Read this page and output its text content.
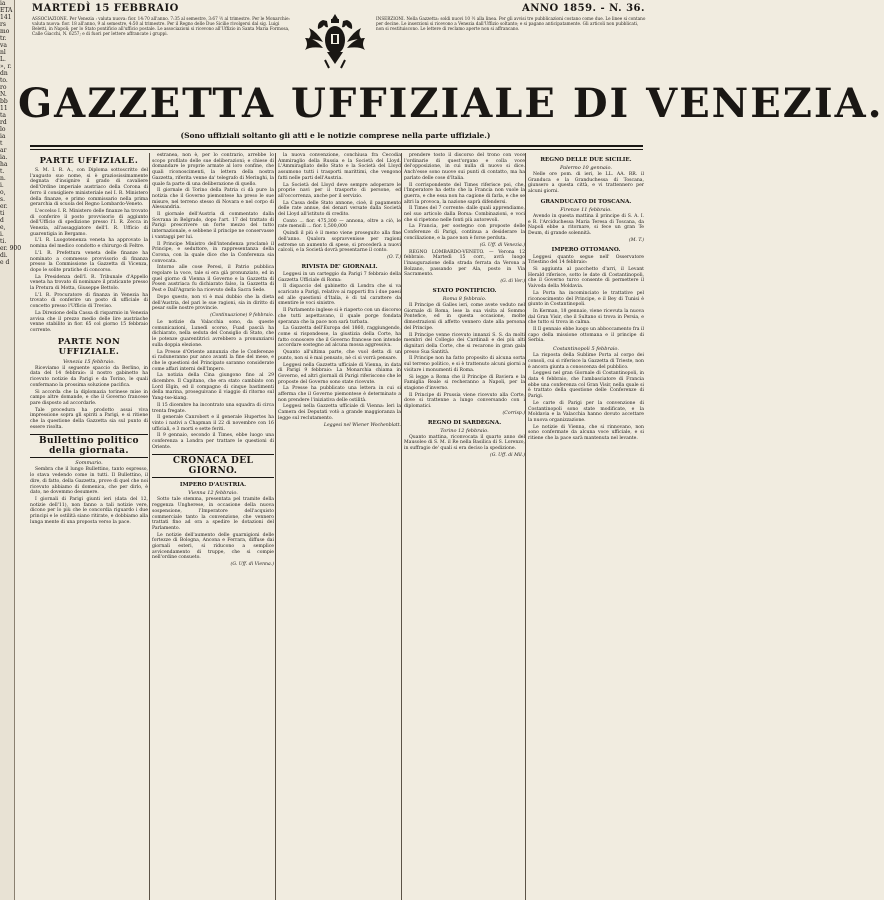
ia
ETA
141
rs
mo
tr.
va
nl
L.
», r.
dn
to.
ro
N.
bb
11
ta
rd
lo
ia
t
ar
ia.
ha
t.
n.
i.
o,
s.
er.
ti
d
e,
i.
ti.
er. 900
di.
e d
MARTEDÌ 15 FEBBRAIO	ANNO 1859. - N. 36.
ASSOCIAZIONE. Per Venezia : valuta nuova: fior. 14:70 all'anno. 7:35 al semestre, 3:67 ½ al trimestre. Per le Monarchie: valuta nuova: fior. 18 all'anno, 9 al semestre, 4:50 al trimestre. Per il Regno delle Due Sicilie rivolgersi dal sig. Luigi Beletti, in Napoli; per lo Stato pontificio all'ufficio postale. Le associazioni si ricevono all'Uffizio in Santa Maria Formosa, Calle Giacchi, N. 6257; e di fuori per lettere affrancate i gruppi.
INSERZIONI. Nella Gazzetta: soldi nuovi 10 ½ alla linea. Per gli avvisi tre pubblicazioni costano come due. Le linee si contano per decine. Le inserzioni si ricevono a Venezia dall'Uffizio soltanto; e si pagano anticipatamente. Gli articoli non pubblicati, non si restituiscono. Le lettere di reclamo aperte non si affrancano.
GAZZETTA UFFIZIALE DI VENEZIA.
(Sono uffiziali soltanto gli atti e le notizie comprese nella parte uffiziale.)
PARTE UFFIZIALE.

S. M. I. R. A., con Diploma sottoscritto del l'augusto suo nome, si è graziosissimamente degnata d'insignire il grado di cavaliere dell'Ordine imperiale austriaco della Corona di ferro il consigliere ministeriale nel I. R. Ministero della finanze, e primo commissario nella prima gerarchia di scuola del Regno Lombardo-Veneto.

L'eccelso I. R. Ministero delle finanze ha trovato di conferire il posto provvisorio di aggiunto dell'Ufficio di spedizione presso l'I. R. Zecca in Venezia, all'assaggiatore dell'I. R. Ufficio di guarentigia in Bergamo.

L'I. R. Luogotenenza veneta ha approvato la nomina del medico condotto e chirurgo di Feltre.

L'I. R. Prefettura veneta delle finanze ha nominato a commesso provvisorio di finanza presso la Commissione la Gazzetta di Vicenza, dopo le solite pratiche di concorso.

La Presidenza dell'I. R. Tribunale d'Appello veneta ha trovato di nominare il praticante presso la Pretura di Motta, Giuseppe Bettolo.

L'I. R. Procuratore di finanza in Venezia ha trovato di conferire un posto di ufficiale di concetto presso l'Ufficio di Treviso.

La Direzione della Cassa di risparmio in Venezia avvisa che il prezzo medio delle lire austriache venne stabilito in fior. 65 col giorno 15 febbraio corrente.

PARTE NON UFFIZIALE.
Venezia 15 febbraio.

Riceviamo il seguente spaccio da Berlino, in data del 14 febbraio: il nostro gabinetto ha ricevuto notizie da Parigi e da Torino, le quali confermano la prossima soluzione pacifica.

Si accorda che la diplomazia torinese mise in campo altre domande, e che il Governo francese pare disposto ad accordarle.

Tale procedura ha prodotto assai viva impressione sopra gli spiriti a Parigi, e si ritiene che la questione della Gazzetta sia sul punto di essere risolta.

Bullettino politico della giornata.
Sommario.

Sembra che il lungo Bullettino, tanto espresso, lo stava vedendo come in tutti. Il Bullettino, il dire, di fatto, della Gazzetta, prove di quel che noi ricevuto abbiamo di domenica, che per dirlo, è dato, ne dovemmo desumere.

I giornali di Parigi giunti ieri (data del 12, notizie dell'11), non fanno a tali notizie vere, dicono per lo più che le concordia riguardo i due principi e le ostilità siano ritirate, e dobbiamo alla lunga mente di una proposta verso la pace.

estranea, non è, per lo contrario, arrebbe lo scopo profilato delle sue deliberazioni; e chiese di domandare le proprie armate al loro confine, che quali riconoscimenti, la lettera della nostra Gazzetta, riferita venne da' telegrafo di Meringhi, la quale fa parte di una deliberazione di quello.

Il giornale di Torino della Patria ci dà pure la notizia che il Governo piemontese ha preso le sue misure, nel terreno stesso di Novara e nel corpo di Alessandria.

Il giornale dell'Austria di commentato dalla Sovrana in Belgrado, dopo l'art. 17 del trattato di Parigi prescrivere un forte mezzo del tutto internazionale, e sebbene il principe ne conservasse i vantaggi per lui.

Il Principe Ministro dell'intendenza proclamò il Principe, e seduttore, in rappresentanza della Corona, con la quale dice che la Conferenza sia convocata.

Intorno alle cose Peresi, il Patrio pubblica regolare la voce, tale si era già pronunziato, ed in quel giorno di Vienna il Governo e la Gazzetta di Posen austriaca fu dichiarato falso, la Gazzetta di Pest e Dall'Agrario ha ricevuto della Sacra Sede.

Dopo questo, non vi è mai dubbio che la dieta dell'Austria, del pari le sue ragioni, sia in diritto di pesar sulle nostre provincie.

(Continuazione) 9 febbraio.

Le notizie da Valacchia sono, da queste comunicazioni, Lunedì scorso, Fuad pascià ha dichiarato, nella seduta del Consiglio di Stato, che le potenze guarentitrici avrebbero a pronunziarsi sulla doppia elezione.

La Presse d'Oriente annunzia che le Conferenze si raduneranno pur anco avanti la fine del mese, e che le questioni del Principato saranno considerate come affari interni dell'Impero.

La notizia della Cina giungono fino al 29 dicembre. Il Capitano, che era stato cambiato con Lord Elgin, ed il compagno di cinque bastimenti della marina, proseguivano il viaggio di ritorno sul Yang-tse-kiang.

Il 15 dicembre ha incontrato una squadra di circa trenta fregate.

Il generale Canrobert e il generale Hupertes ha vinto i nativi a Chapman il 22 di novembre con 16 ufficiali, e 3 morti e sette feriti.

Il 9 gennaio, secondo il Times, ebbe luogo una conferenza a Londra per trattare le questioni di Oriente.

CRONACA DEL GIORNO.
IMPERO D'AUSTRIA.
Vienna 12 febbraio.

Sotto tale stemma, presentata pel tramite della reggenza Ungherese, in occasione della nuova sospensione, l'Imperatore dell'acquisto commerciale tanto la convenzione, che vennero trattati fino ad ora a spedire le dotazioni del Parlamento.

Le notizie dell'aumento delle guarnigioni delle fortezze di Bologna, Ancona e Ferrara, diffuse dai giornali esteri, si riducono a semplice avvicendamento di truppe, che si compie nell'ordine consueto.

(G. Uff. di Vienna.)

la nuova convenzione, conchiusa fra Cecodia Ammiraglio della Russia e la Società del Lloyd. L'Ammiragliato dello Stato e la Società del Lloyd assumono tutti i trasporti marittimi, che vengono fatti nelle parti dell'Austria.

La Società del Lloyd deve sempre adoperare le proprie navi per il trasporto di persone, ed all'occorrenza, anche per il servizio.

La Cassa delle Stato annone, cioè, il pagamento delle rate annue, dei denari versate dalla Società del Lloyd all'istituto di credito.

Conto ... fior. 475,300 — annona, oltre a ciò, le rate mensili ... fior. 1,500,000

Quindi il più è il meno viene proseguito alla fine dell'anno. Qualora sopravvenisse per ragioni estreme un aumento di spese, si procederà a nuovi calcoli, e la Società dovrà presentarne il conto.

(O. T.)
RIVISTA DE' GIORNALI.

Leggesi in un carteggio da Parigi 7 febbraio della Gazzetta Ufficiale di Roma:

Il dispaccio del gabinetto di Londra che si va scaricato a Parigi, relativo ai rapporti fra i due paesi ed alle questioni d'Italia, è di tal carattere da smentire le voci sinistre.

Il Parlamento inglese si è riaperto con un discorso che tutti aspettavano, il quale porge fondata speranza che la pace non sarà turbata.

La Gazzetta dell'Europa del 1860, raggiungendo, come si rispondesse, la giustizia della Corte, ha fatto conoscere che il Governo francese non intende accordare sostegno ad alcuna mossa aggressiva.

Quanto all'ultima parte, che vuol detta di un punto, non si è mai pensato, nè ci si vorrà pensare.

Leggesi nella Gazzetta ufficiale di Vienna, in data di Parigi 9 febbraio: La Monarchia chiama in Governo, ed altri giornali di Parigi riferiscono che le proposte del Governo sono state ricevute.

La Presse ha pubblicato una lettera in cui si afferma che il Governo piemontese è determinato a non prendere l'iniziativa delle ostilità.

Leggesi nella Gazzetta ufficiale di Vienna: Ieri la Camera dei Deputati votò a grande maggioranza la legge sul reclutamento.

Leggesi nel Wiener Wochenblatt.

prendere tosto il discorso del trono con voce l'ordinarie di quest'organo e colla voce del'opposizione, in cui nulla di nuovo si dice. Anch'esse sono nuove sui punti di contatto, ma ha parlato delle cose d'Italia.

Il corrispondente del Times riferisce poi, che, l'Imperatore ha detto che la Francia non vuole la guerra, e che essa non ha cagione di farla, e che se altri la provoca, la nazione saprà difendersi.

Il Times del 7 corrente: dalle quali apprendiamo, nel suo articolo dalla Borsa: Combinazioni, e voci che si ripetono nelle fonti più autorevoli.

La Francia, per sostegno con proposte delle Conferenze di Parigi, continua a desiderare la conciliazione, e la pace non è forse perduta.

(G. Uff. di Venezia.)

REGNO LOMBARDO-VENETO. — Verona 12 febbraio. Martedì 15 corr., avrà luogo l'inaugurazione della strada ferrata da Verona a Bolzano, passando per Ala, posto in Via Sacramento.

(G. di Ver.)
STATO PONTIFICIO.
Roma 8 febbraio.

Il Principe di Galles ieri, come avete veduto nel Giornale di Roma, lese la sua visita al Sommo Pontefice, ed in questa occasione, molte dimostrazioni di affetto vennero date alla persona del Principe.

Il Principe venne ricevuto innanzi S. S. da molti membri del Collegio dei Cardinali e dei più alti dignitari della Corte, che si recarono in gran gala presso Sua Santità.

Il Principe non ha fatto proposito di alcuna sorta sul terreno politico, e si è trattenuto alcuni giorni a visitare i monumenti di Roma.

Si legge a Roma che il Principe di Baviera e la Famiglia Reale si recheranno a Napoli, per la stagione d'inverno.

Il Principe di Prussia viene ricevuto alla Corte, dove si trattenne a lungo conversando con i diplomatici.

(Corrisp.)
REGNO DI SARDEGNA.
Torino 12 febbraio.

Quanto mattina, riconvocata il quarto anno del Mausoleo di S. M. il Re nella Basilica di S. Lorenzo, in suffragio de' quali si era deciso la spedizione.

(G. Uff. di Mil.)
REGNO DELLE DUE SICILIE.
Palermo 10 gennaio.

Nelle ore pom. di ieri, le LL. AA. RR. il Granduca e la Granduchessa di Toscana, giunsero a questa città, e vi trattennero per alcuni giorni.

GRANDUCATO DI TOSCANA.
Firenze 11 febbraio.

Avendo in questa mattina il principe di S. A. I. e R. l'Arciduchessa Maria Teresa di Toscana, da Napoli ebbe a ritornare, si fece un gran Te Deum, di grande solennità.

(M. T.)
IMPERO OTTOMANO.

Leggesi quanto segue nell' Osservatore Triestino del 14 febbraio:

Si aggiunta al pacchetto d'arri, il Levant Herald riferisce, sotto le date di Costantinopoli, che il Governo turco consente di permettere il Vaivoda della Moldavia.

La Porta ha incominciato le trattative pel riconoscimento del Principe, e il Bey di Tunisi è giunto in Costantinopoli.

In Kerman, 18 gennaio, viene ricevuta la nuova dal Gran Visir, che il Sultano si trova in Persia, e che tutto si trova in calma.

Il Il gennaio ebbe luogo un abboccamento fra il capo della missione ottomana e il principe di Serbia.

Costantinopoli 5 febbraio.

La risposta della Sublime Porta al corpo dei consoli, cui si riferisce la Gazzetta di Trieste, non è ancora giunta a conoscenza del pubblico.

Leggesi nel gran Giornale di Costantinopoli, in data 4 febbraio, che l'ambasciatore di Francia ebbe una conferenza col Gran Visir, nella quale si è trattato della questione delle Conferenze di Parigi.

Le carte di Parigi per la convenzione di Costantinopoli sono state modificate, e la Moldavia e la Valacchia hanno dovuto accettare la nuova organizzazione.

Le notizie di Vienna, che si rinnovano, non sono confermate da alcuna voce ufficiale, e si ritiene che la pace sarà mantenuta nel levante.
